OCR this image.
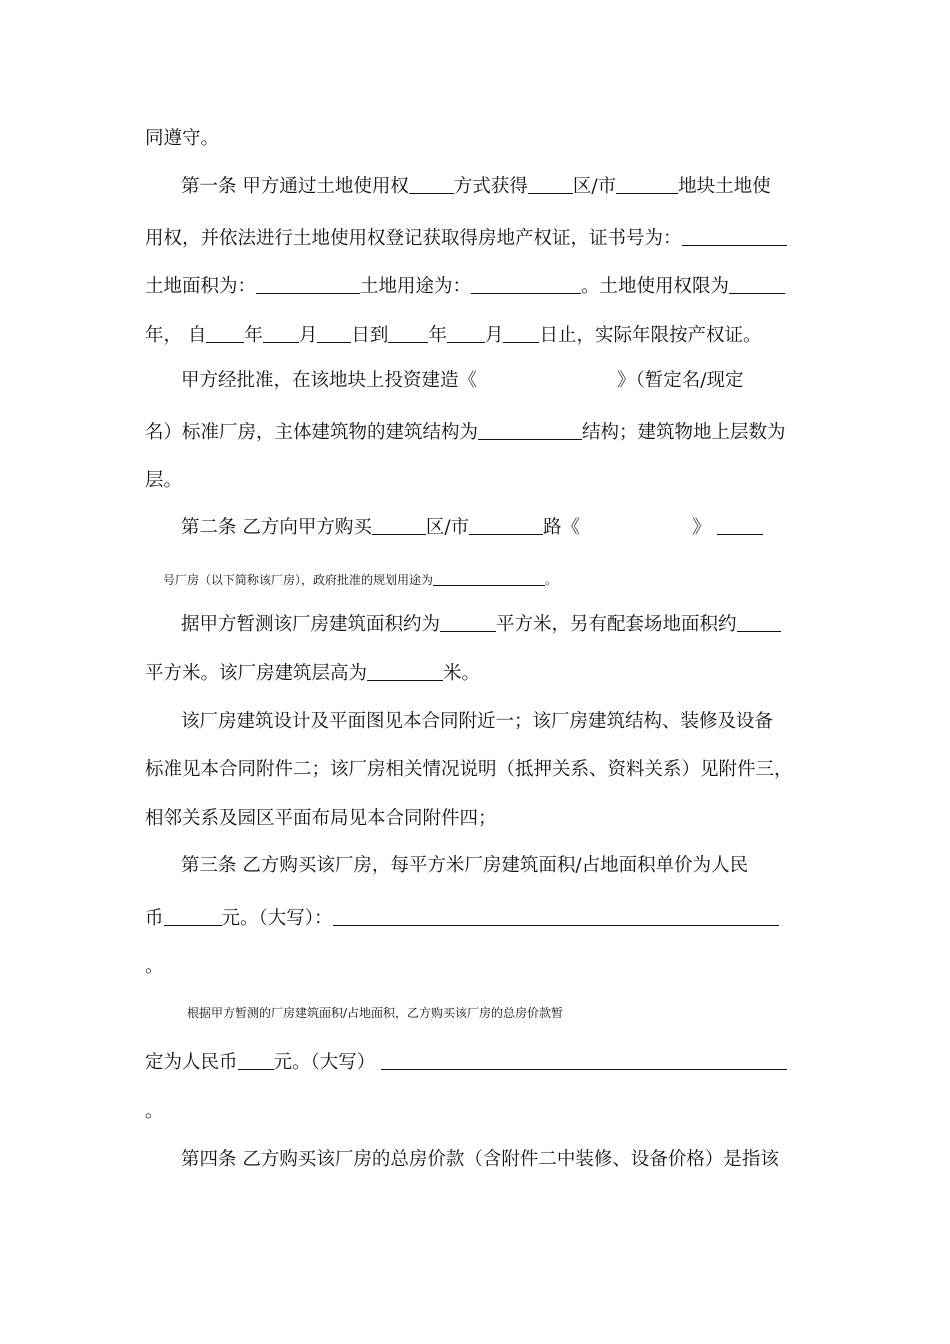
同遵守。
第一条 甲方通过土地使用权 方式获得 区/市	地块土地使
用权，并依法进行土地使用权登记获取得房地产权证，证书号为：
土地面积为：	土地用途为：	。土地使用权限为
年， 自 年 月 日到 年 月 日止，实际年限按产权证。
甲方经批准，在该地块上投资建造《	》（暂定名/现定
名）标准厂房，主体建筑物的建筑结构为	结构；建筑物地上层数为
层。
第二条 乙方向甲方购买	区/市	路《	》
号厂房（以下简称该厂房），政府批准的规划用途为	。
据甲方暂测该厂房建筑面积约为	平方米，另有配套场地面积约
平方米。该厂房建筑层高为	米。
该厂房建筑设计及平面图见本合同附近一；该厂房建筑结构、装修及设备
标准见本合同附件二；该厂房相关情况说明（抵押关系、资料关系）见附件三，
相邻关系及园区平面布局见本合同附件四；
第三条 乙方购买该厂房，每平方米厂房建筑面积/占地面积单价为人民
币	元。（大写）：
。
根据甲方暂测的厂房建筑面积/占地面积，乙方购买该厂房的总房价款暂
定为人民币 元。（大写）
。
第四条 乙方购买该厂房的总房价款（含附件二中装修、设备价格）是指该
